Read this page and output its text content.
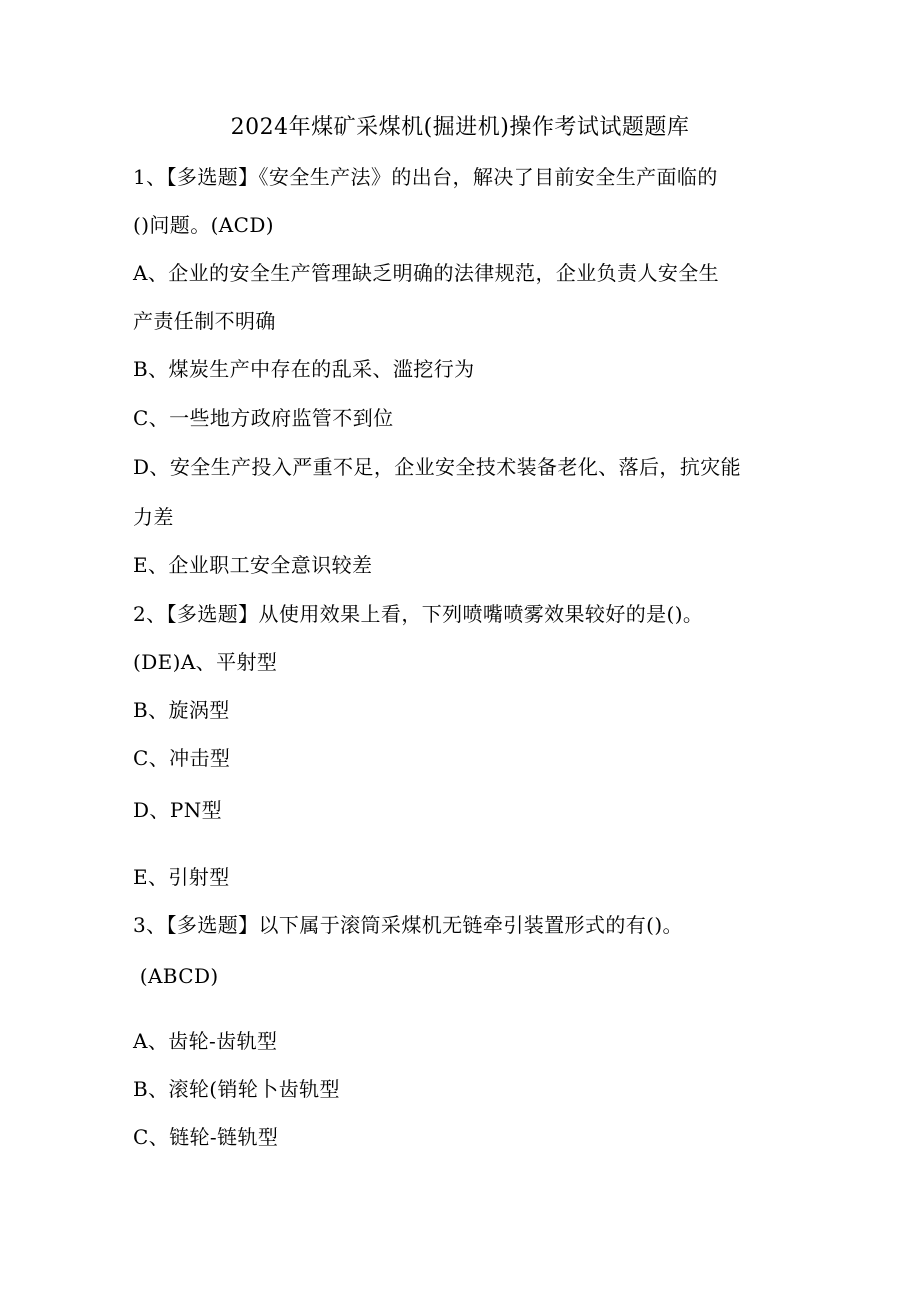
2024年煤矿采煤机(掘进机)操作考试试题题库
1、【多选题】《安全生产法》的出台，解决了目前安全生产面临的
()问题。(ACD)
A、企业的安全生产管理缺乏明确的法律规范，企业负责人安全生
产责任制不明确
B、煤炭生产中存在的乱采、滥挖行为
C、一些地方政府监管不到位
D、安全生产投入严重不足，企业安全技术装备老化、落后，抗灾能
力差
E、企业职工安全意识较差
2、【多选题】从使用效果上看，下列喷嘴喷雾效果较好的是()。
(DE)A、平射型
B、旋涡型
C、冲击型
D、PN型
E、引射型
3、【多选题】以下属于滚筒采煤机无链牵引装置形式的有()。
(ABCD)
A、齿轮-齿轨型
B、滚轮(销轮卜齿轨型
C、链轮-链轨型
